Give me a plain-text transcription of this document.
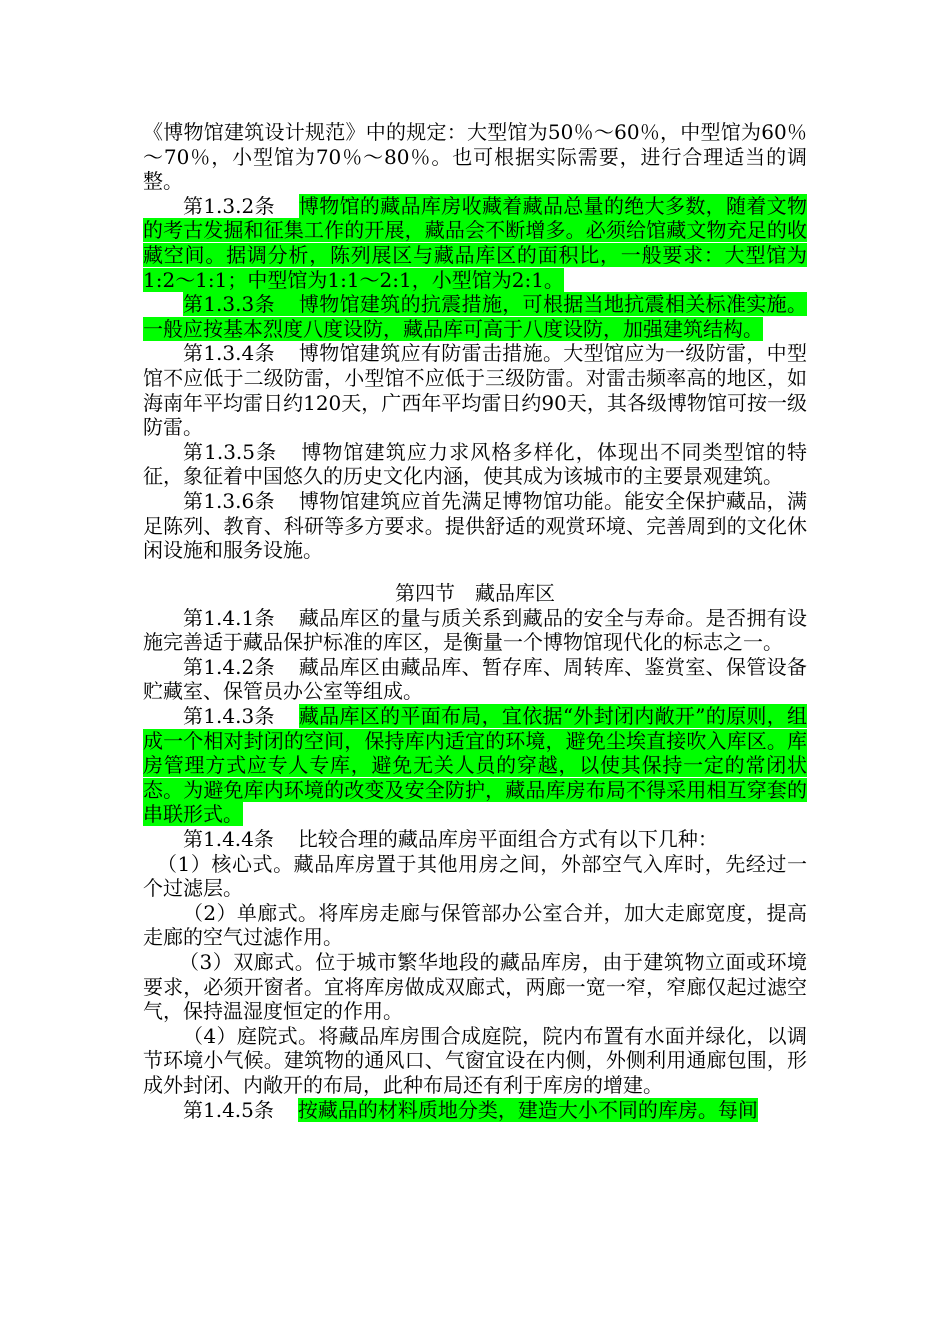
《博物馆建筑设计规范》中的规定：大型馆为50％～60％，中型馆为60％～70％，小型馆为70％～80％。也可根据实际需要，进行合理适当的调整。

第1.3.2条 博物馆的藏品库房收藏着藏品总量的绝大多数，随着文物的考古发掘和征集工作的开展，藏品会不断增多。必须给馆藏文物充足的收藏空间。据调分析，陈列展区与藏品库区的面积比，一般要求：大型馆为1:2～1:1；中型馆为1:1～2:1，小型馆为2:1。

第1.3.3条 博物馆建筑的抗震措施，可根据当地抗震相关标准实施。一般应按基本烈度八度设防，藏品库可高于八度设防，加强建筑结构。

第1.3.4条 博物馆建筑应有防雷击措施。大型馆应为一级防雷，中型馆不应低于二级防雷，小型馆不应低于三级防雷。对雷击频率高的地区，如海南年平均雷日约120天，广西年平均雷日约90天，其各级博物馆可按一级防雷。

第1.3.5条 博物馆建筑应力求风格多样化，体现出不同类型馆的特征，象征着中国悠久的历史文化内涵，使其成为该城市的主要景观建筑。

第1.3.6条 博物馆建筑应首先满足博物馆功能。能安全保护藏品，满足陈列、教育、科研等多方要求。提供舒适的观赏环境、完善周到的文化休闲设施和服务设施。

第四节　藏品库区

第1.4.1条 藏品库区的量与质关系到藏品的安全与寿命。是否拥有设施完善适于藏品保护标准的库区，是衡量一个博物馆现代化的标志之一。

第1.4.2条 藏品库区由藏品库、暂存库、周转库、鉴赏室、保管设备贮藏室、保管员办公室等组成。

第1.4.3条 藏品库区的平面布局，宜依据“外封闭内敞开”的原则，组成一个相对封闭的空间，保持库内适宜的环境，避免尘埃直接吹入库区。库房管理方式应专人专库，避免无关人员的穿越，以使其保持一定的常闭状态。为避免库内环境的改变及安全防护，藏品库房布局不得采用相互穿套的串联形式。

第1.4.4条 比较合理的藏品库房平面组合方式有以下几种：

（1）核心式。藏品库房置于其他用房之间，外部空气入库时，先经过一个过滤层。

（2）单廊式。将库房走廊与保管部办公室合并，加大走廊宽度，提高走廊的空气过滤作用。

（3）双廊式。位于城市繁华地段的藏品库房，由于建筑物立面或环境要求，必须开窗者。宜将库房做成双廊式，两廊一宽一窄，窄廊仅起过滤空气，保持温湿度恒定的作用。

（4）庭院式。将藏品库房围合成庭院，院内布置有水面并绿化，以调节环境小气候。建筑物的通风口、气窗宜设在内侧，外侧利用通廊包围，形成外封闭、内敞开的布局，此种布局还有利于库房的增建。

第1.4.5条 按藏品的材料质地分类，建造大小不同的库房。每间
